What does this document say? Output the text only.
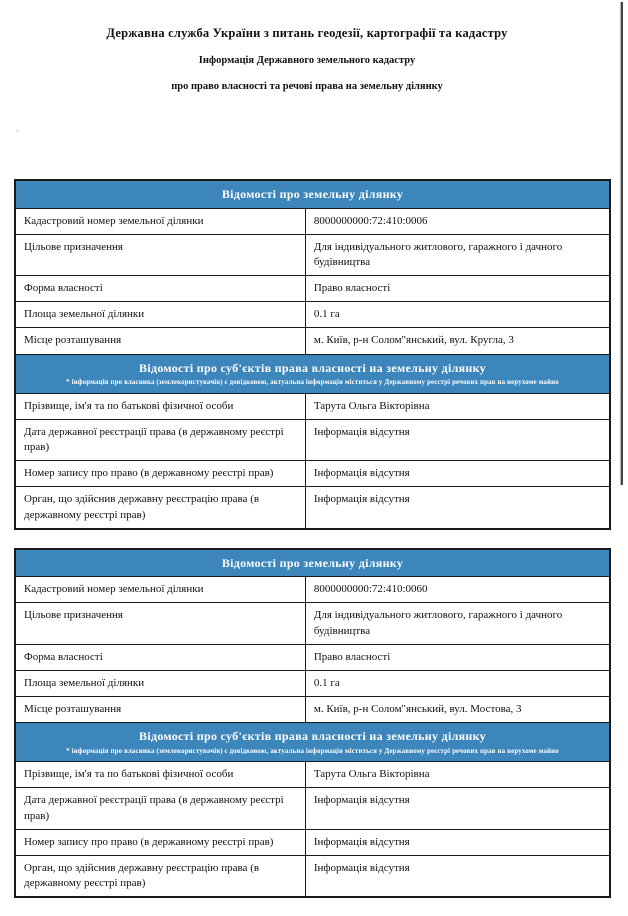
Державна служба України з питань геодезії, картографії та кадастру
Інформація Державного земельного кадастру
про право власності та речові права на земельну ділянку
Відомості про земельну ділянку	

Кадастровий номер земельної ділянки	8000000000:72:410:0006
Цільове призначення	Для індивідуального житлового, гаражного і дачного будівництва
Форма власності	Право власності
Площа земельної ділянки	0.1 га
Місце розташування	м. Київ, р-н Солом"янський, вул. Кругла, 3

Відомості про суб'єктів права власності на земельну ділянку
* інформація про власника (землекористувачів) є довідковою, актуальна інформація міститься у Державному реєстрі речових прав на нерухоме майно	

Прізвище, ім'я та по батькові фізичної особи	Тарута Ольга Вікторівна
Дата державної реєстрації права (в державному реєстрі прав)	Інформація відсутня
Номер запису про право (в державному реєстрі прав)	Інформація відсутня
Орган, що здійснив державну реєстрацію права (в державному реєстрі прав)	Інформація відсутня
Відомості про земельну ділянку	

Кадастровий номер земельної ділянки	8000000000:72:410:0060
Цільове призначення	Для індивідуального житлового, гаражного і дачного будівництва
Форма власності	Право власності
Площа земельної ділянки	0.1 га
Місце розташування	м. Київ, р-н Солом"янський, вул. Мостова, 3

Відомості про суб'єктів права власності на земельну ділянку
* інформація про власника (землекористувачів) є довідковою, актуальна інформація міститься у Державному реєстрі речових прав на нерухоме майно	

Прізвище, ім'я та по батькові фізичної особи	Тарута Ольга Вікторівна
Дата державної реєстрації права (в державному реєстрі прав)	Інформація відсутня
Номер запису про право (в державному реєстрі прав)	Інформація відсутня
Орган, що здійснив державну реєстрацію права (в державному реєстрі прав)	Інформація відсутня
